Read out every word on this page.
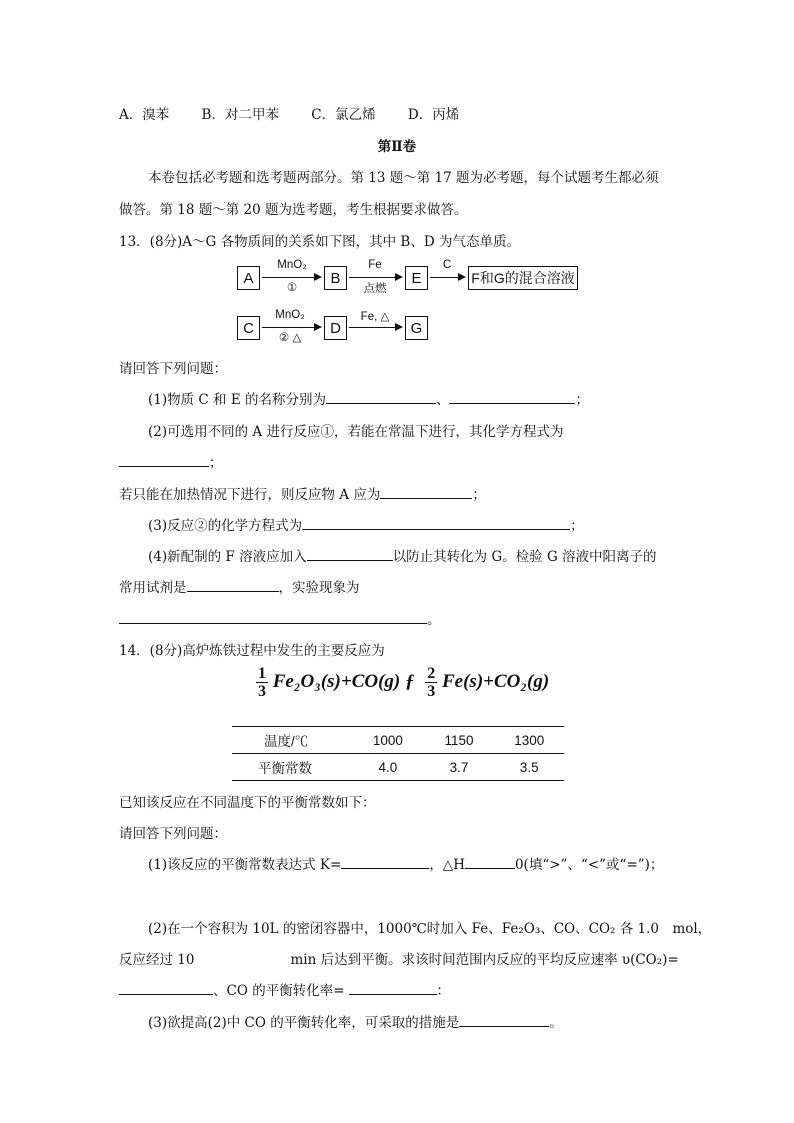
A．溴苯 B．对二甲苯 C．氯乙烯 D．丙烯
第Ⅱ卷
本卷包括必考题和选考题两部分。第 13 题～第 17 题为必考题，每个试题考生都必须
做答。第 18 题～第 20 题为选考题，考生根据要求做答。
13．(8分)A～G 各物质间的关系如下图，其中 B、D 为气态单质。
A
MnO₂
①
B
Fe
点燃
E
C
F和G的混合溶液
C
MnO₂
② △
D
Fe, △
G
请回答下列问题：
(1)物质 C 和 E 的名称分别为	、	；
(2)可选用不同的 A 进行反应①，若能在常温下进行，其化学方程式为
；
若只能在加热情况下进行，则反应物 A 应为	；
(3)反应②的化学方程式为	；
(4)新配制的 F 溶液应加入	以防止其转化为 G。检验 G 溶液中阳离子的
常用试剂是	，实验现象为
。
14．(8分)高炉炼铁过程中发生的主要反应为
$\frac{1}{3} Fe_2O_3(s)+CO(g)$ ƒ $\frac{2}{3} Fe(s)+CO_2(g)$
温度/℃	1000	1150	1300
平衡常数	4.0	3.7	3.5
已知该反应在不同温度下的平衡常数如下：
请回答下列问题：
(1)该反应的平衡常数表达式 K=	，△H	0(填“>”、“<”或“=”)；
(2)在一个容积为 10L 的密闭容器中，1000℃时加入 Fe、Fe₂O₃、CO、CO₂ 各 1.0　mol，
反应经过 10	min 后达到平衡。求该时间范围内反应的平均反应速率 υ(CO₂)=
、CO 的平衡转化率=	：
(3)欲提高(2)中 CO 的平衡转化率，可采取的措施是	。
